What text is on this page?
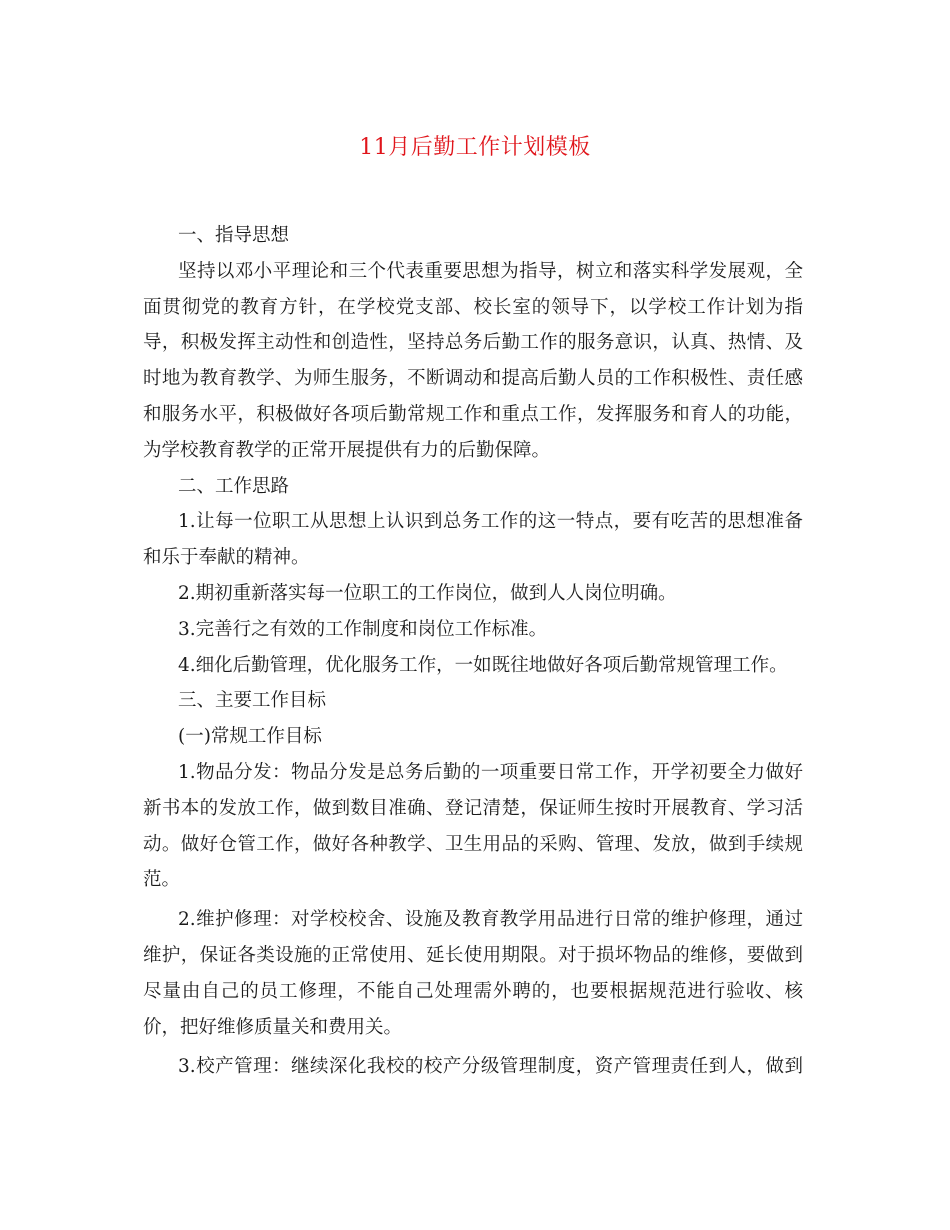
11月后勤工作计划模板
一、指导思想
坚持以邓小平理论和三个代表重要思想为指导，树立和落实科学发展观，全
面贯彻党的教育方针，在学校党支部、校长室的领导下，以学校工作计划为指
导，积极发挥主动性和创造性，坚持总务后勤工作的服务意识，认真、热情、及
时地为教育教学、为师生服务，不断调动和提高后勤人员的工作积极性、责任感
和服务水平，积极做好各项后勤常规工作和重点工作，发挥服务和育人的功能，
为学校教育教学的正常开展提供有力的后勤保障。
二、工作思路
1.让每一位职工从思想上认识到总务工作的这一特点，要有吃苦的思想准备
和乐于奉献的精神。
2.期初重新落实每一位职工的工作岗位，做到人人岗位明确。
3.完善行之有效的工作制度和岗位工作标准。
4.细化后勤管理，优化服务工作，一如既往地做好各项后勤常规管理工作。
三、主要工作目标
(一)常规工作目标
1.物品分发：物品分发是总务后勤的一项重要日常工作，开学初要全力做好
新书本的发放工作，做到数目准确、登记清楚，保证师生按时开展教育、学习活
动。做好仓管工作，做好各种教学、卫生用品的采购、管理、发放，做到手续规
范。
2.维护修理：对学校校舍、设施及教育教学用品进行日常的维护修理，通过
维护，保证各类设施的正常使用、延长使用期限。对于损坏物品的维修，要做到
尽量由自己的员工修理，不能自己处理需外聘的，也要根据规范进行验收、核
价，把好维修质量关和费用关。
3.校产管理：继续深化我校的校产分级管理制度，资产管理责任到人，做到
